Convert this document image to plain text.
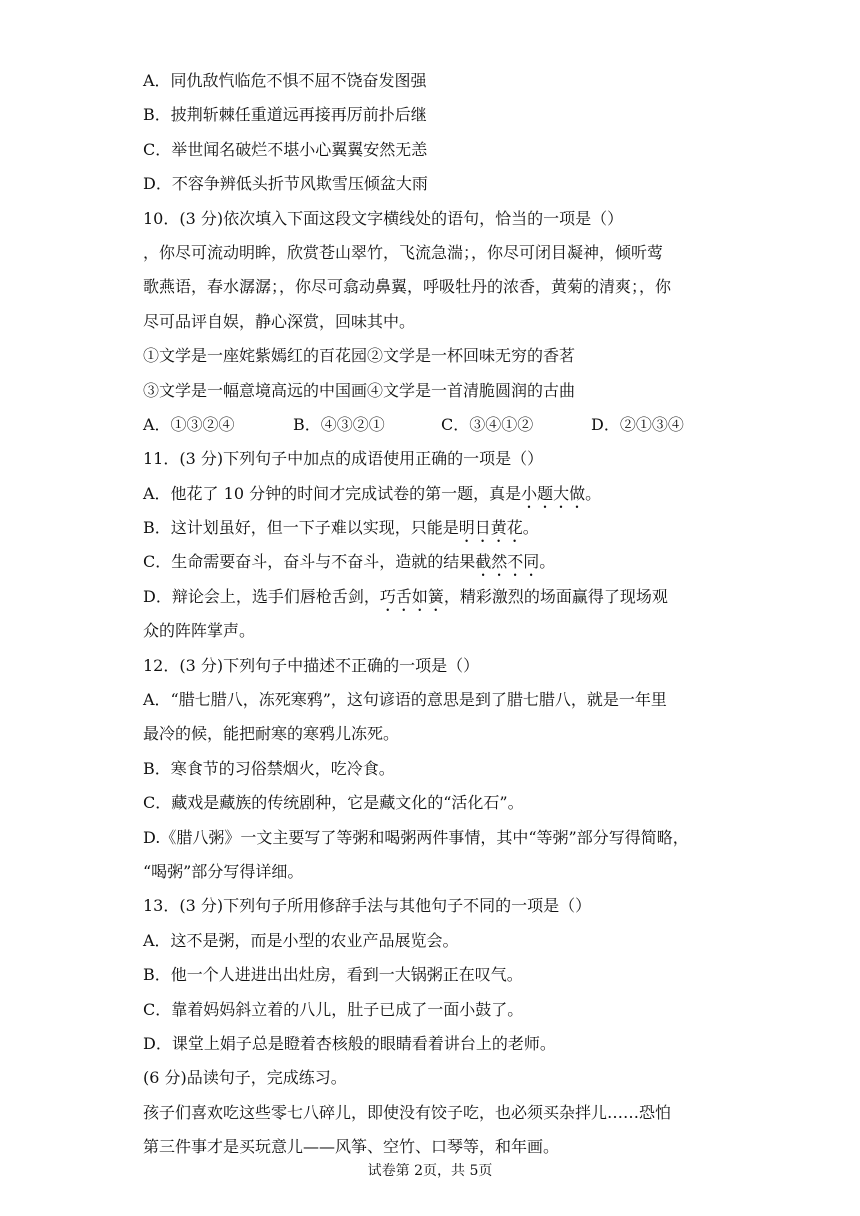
A．同仇敌忾临危不惧不屈不饶奋发图强
B．披荆斩棘任重道远再接再厉前扑后继
C．举世闻名破烂不堪小心翼翼安然无恙
D．不容争辨低头折节风欺雪压倾盆大雨
10．(3 分)依次填入下面这段文字横线处的语句，恰当的一项是（）
，你尽可流动明眸，欣赏苍山翠竹，飞流急湍；，你尽可闭目凝神，倾听莺
歌燕语，春水潺潺；，你尽可翕动鼻翼，呼吸牡丹的浓香，黄菊的清爽；，你
尽可品评自娱，静心深赏，回味其中。
①文学是一座姹紫嫣红的百花园②文学是一杯回味无穷的香茗
③文学是一幅意境高远的中国画④文学是一首清脆圆润的古曲
A．①③②④	B．④③②①	C．③④①②	D．②①③④
11．(3 分)下列句子中加点的成语使用正确的一项是（）
A．他花了 10 分钟的时间才完成试卷的第一题，真是小题大做。
B．这计划虽好，但一下子难以实现，只能是明日黄花。
C．生命需要奋斗，奋斗与不奋斗，造就的结果截然不同。
D．辩论会上，选手们唇枪舌剑，巧舌如簧，精彩激烈的场面赢得了现场观
众的阵阵掌声。
12．(3 分)下列句子中描述不正确的一项是（）
A．“腊七腊八，冻死寒鸦”，这句谚语的意思是到了腊七腊八，就是一年里
最冷的候，能把耐寒的寒鸦儿冻死。
B．寒食节的习俗禁烟火，吃冷食。
C．藏戏是藏族的传统剧种，它是藏文化的“活化石”。
D.《腊八粥》一文主要写了等粥和喝粥两件事情，其中“等粥”部分写得简略，
“喝粥”部分写得详细。
13．(3 分)下列句子所用修辞手法与其他句子不同的一项是（）
A．这不是粥，而是小型的农业产品展览会。
B．他一个人进进出出灶房，看到一大锅粥正在叹气。
C．靠着妈妈斜立着的八儿，肚子已成了一面小鼓了。
D．课堂上娟子总是瞪着杏核般的眼睛看着讲台上的老师。
(6 分)品读句子，完成练习。
孩子们喜欢吃这些零七八碎儿，即使没有饺子吃，也必须买杂拌儿……恐怕
第三件事才是买玩意儿——风筝、空竹、口琴等，和年画。
试卷第 2页，共 5页
